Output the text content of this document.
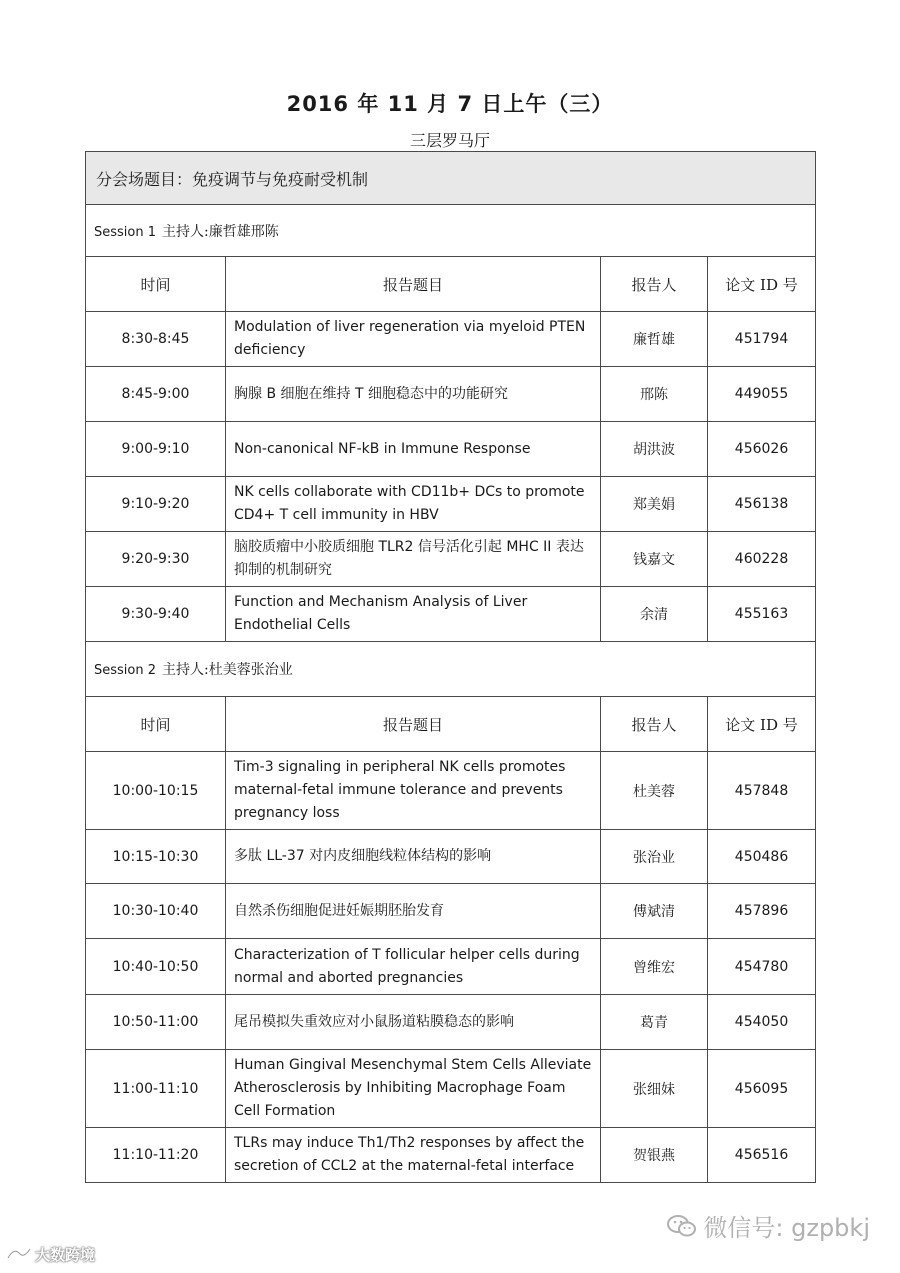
2016 年 11 月 7 日上午（三）
三层罗马厅
分会场题目：免疫调节与免疫耐受机制			
Session 1 主持人:廉哲雄邢陈			
时间	报告题目	报告人	论文 ID 号
8:30-8:45	Modulation of liver regeneration via myeloid PTEN deficiency	廉哲雄	451794
8:45-9:00	胸腺 B 细胞在维持 T 细胞稳态中的功能研究	邢陈	449055
9:00-9:10	Non-canonical NF-kB in Immune Response	胡洪波	456026
9:10-9:20	NK cells collaborate with CD11b+ DCs to promote CD4+ T cell immunity in HBV	郑美娟	456138
9:20-9:30	脑胶质瘤中小胶质细胞 TLR2 信号活化引起 MHC II 表达抑制的机制研究	钱嘉文	460228
9:30-9:40	Function and Mechanism Analysis of Liver Endothelial Cells	余清	455163
Session 2 主持人:杜美蓉张治业			
时间	报告题目	报告人	论文 ID 号
10:00-10:15	Tim-3 signaling in peripheral NK cells promotes maternal-fetal immune tolerance and prevents pregnancy loss	杜美蓉	457848
10:15-10:30	多肽 LL-37 对内皮细胞线粒体结构的影响	张治业	450486
10:30-10:40	自然杀伤细胞促进妊娠期胚胎发育	傅斌清	457896
10:40-10:50	Characterization of T follicular helper cells during normal and aborted pregnancies	曾维宏	454780
10:50-11:00	尾吊模拟失重效应对小鼠肠道粘膜稳态的影响	葛青	454050
11:00-11:10	Human Gingival Mesenchymal Stem Cells Alleviate Atherosclerosis by Inhibiting Macrophage Foam Cell Formation	张细妹	456095
11:10-11:20	TLRs may induce Th1/Th2 responses by affect the secretion of CCL2 at the maternal-fetal interface	贺银燕	456516
微信号: gzpbkj
大数跨境
